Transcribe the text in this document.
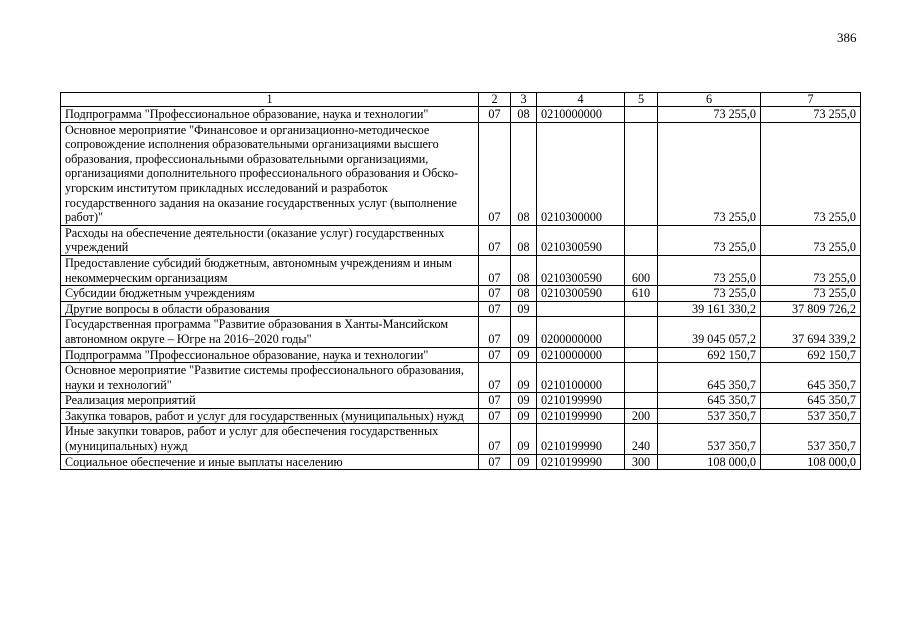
386
1	2	3	4	5	6	7
Подпрограмма "Профессиональное образование, наука и технологии"	07	08	0210000000		73 255,0	73 255,0
Основное мероприятие "Финансовое и организационно-методическое сопровождение исполнения образовательными организациями высшего образования, профессиональными образовательными организациями, организациями дополнительного профессионального образования и Обско-угорским институтом прикладных исследований и разработок государственного задания на оказание государственных услуг (выполнение работ)"	07	08	0210300000		73 255,0	73 255,0
Расходы на обеспечение деятельности (оказание услуг) государственных учреждений	07	08	0210300590		73 255,0	73 255,0
Предоставление субсидий бюджетным, автономным учреждениям и иным некоммерческим организациям	07	08	0210300590	600	73 255,0	73 255,0
Субсидии бюджетным учреждениям	07	08	0210300590	610	73 255,0	73 255,0
Другие вопросы в области образования	07	09			39 161 330,2	37 809 726,2
Государственная программа "Развитие образования в Ханты-Мансийском автономном округе – Югре на 2016–2020 годы"	07	09	0200000000		39 045 057,2	37 694 339,2
Подпрограмма "Профессиональное образование, наука и технологии"	07	09	0210000000		692 150,7	692 150,7
Основное мероприятие "Развитие системы профессионального образования, науки и технологий"	07	09	0210100000		645 350,7	645 350,7
Реализация мероприятий	07	09	0210199990		645 350,7	645 350,7
Закупка товаров, работ и услуг для государственных (муниципальных) нужд	07	09	0210199990	200	537 350,7	537 350,7
Иные закупки товаров, работ и услуг для обеспечения государственных (муниципальных) нужд	07	09	0210199990	240	537 350,7	537 350,7
Социальное обеспечение и иные выплаты населению	07	09	0210199990	300	108 000,0	108 000,0
